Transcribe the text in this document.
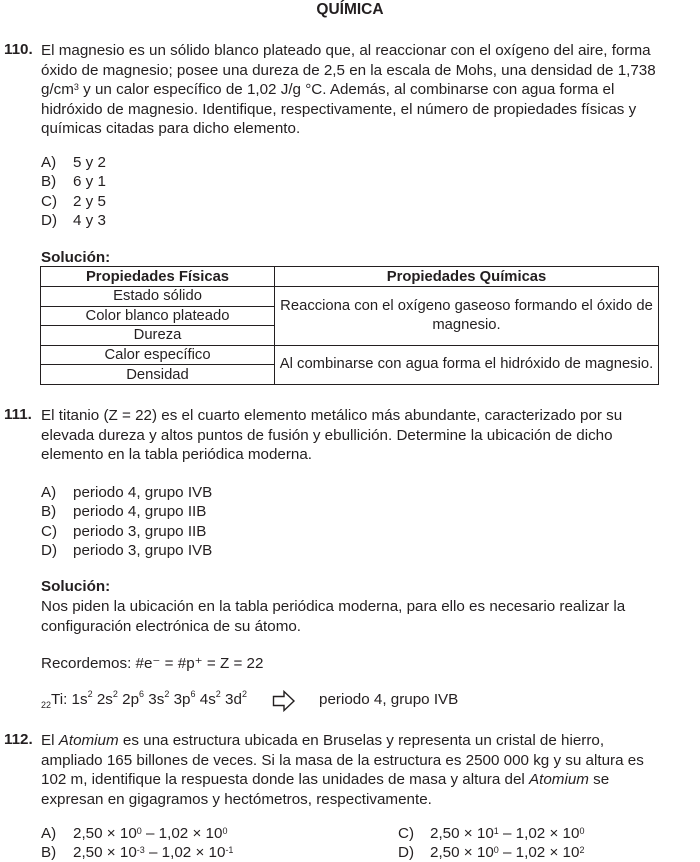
QUÍMICA
110. El magnesio es un sólido blanco plateado que, al reaccionar con el oxígeno del aire, forma
óxido de magnesio; posee una dureza de 2,5 en la escala de Mohs, una densidad de 1,738
$g/cm^3$ y un calor específico de 1,02 J/g °C. Además, al combinarse con agua forma el
hidróxido de magnesio. Identifique, respectivamente, el número de propiedades físicas y
químicas citadas para dicho elemento.
A) 5 y 2
B) 6 y 1
C) 2 y 5
D) 4 y 3
Solución:
Propiedades Físicas	Propiedades Químicas
Estado sólido	Reacciona con el oxígeno gaseoso formando el óxido de magnesio.
Color blanco plateado	
Dureza	
Calor específico	Al combinarse con agua forma el hidróxido de magnesio.
Densidad	
111. El titanio (Z = 22) es el cuarto elemento metálico más abundante, caracterizado por su
elevada dureza y altos puntos de fusión y ebullición. Determine la ubicación de dicho
elemento en la tabla periódica moderna.
A) periodo 4, grupo IVB
B) periodo 4, grupo IIB
C) periodo 3, grupo IIB
D) periodo 3, grupo IVB
Solución:
Nos piden la ubicación en la tabla periódica moderna, para ello es necesario realizar la
configuración electrónica de su átomo.
Recordemos: #e⁻ = #p⁺ = Z = 22
$_{22}$Ti: $1s^2$ $2s^2$ $2p^6$ $3s^2$ $3p^6$ $4s^2$ $3d^2$	periodo 4, grupo IVB
112. El Atomium es una estructura ubicada en Bruselas y representa un cristal de hierro,
ampliado 165 billones de veces. Si la masa de la estructura es 2500 000 kg y su altura es
102 m, identifique la respuesta donde las unidades de masa y altura del Atomium se
expresan en gigagramos y hectómetros, respectivamente.
A) $2,50 \times 10^0 - 1,02 \times 10^0$
B) $2,50 \times 10^{-3} - 1,02 \times 10^{-1}$
C) $2,50 \times 10^1 - 1,02 \times 10^0$
D) $2,50 \times 10^0 - 1,02 \times 10^2$
